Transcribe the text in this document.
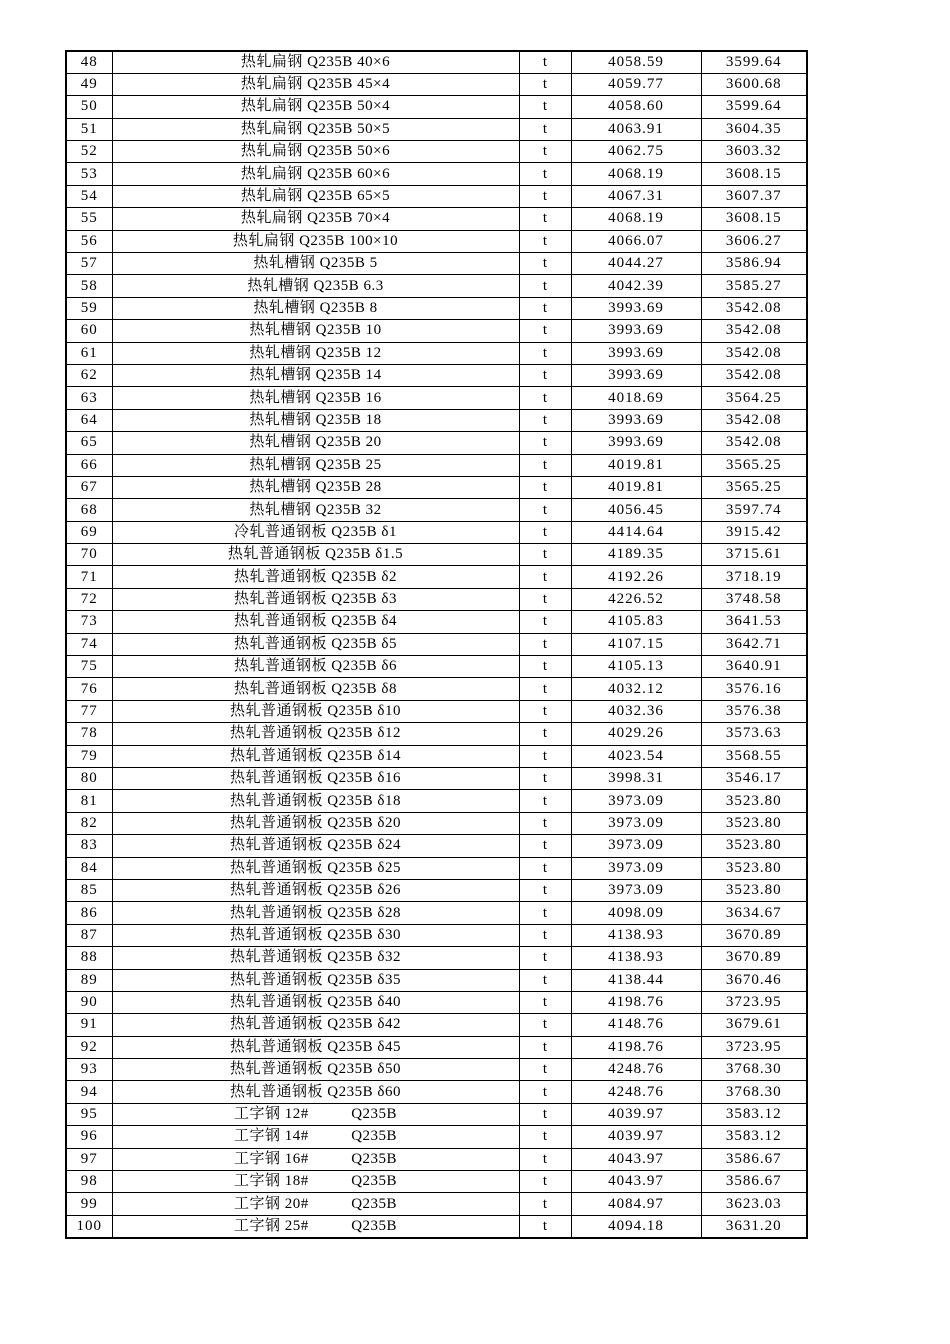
48	热轧扁钢 Q235B 40×6	t	4058.59	3599.64
49	热轧扁钢 Q235B 45×4	t	4059.77	3600.68
50	热轧扁钢 Q235B 50×4	t	4058.60	3599.64
51	热轧扁钢 Q235B 50×5	t	4063.91	3604.35
52	热轧扁钢 Q235B 50×6	t	4062.75	3603.32
53	热轧扁钢 Q235B 60×6	t	4068.19	3608.15
54	热轧扁钢 Q235B 65×5	t	4067.31	3607.37
55	热轧扁钢 Q235B 70×4	t	4068.19	3608.15
56	热轧扁钢 Q235B 100×10	t	4066.07	3606.27
57	热轧槽钢 Q235B 5	t	4044.27	3586.94
58	热轧槽钢 Q235B 6.3	t	4042.39	3585.27
59	热轧槽钢 Q235B 8	t	3993.69	3542.08
60	热轧槽钢 Q235B 10	t	3993.69	3542.08
61	热轧槽钢 Q235B 12	t	3993.69	3542.08
62	热轧槽钢 Q235B 14	t	3993.69	3542.08
63	热轧槽钢 Q235B 16	t	4018.69	3564.25
64	热轧槽钢 Q235B 18	t	3993.69	3542.08
65	热轧槽钢 Q235B 20	t	3993.69	3542.08
66	热轧槽钢 Q235B 25	t	4019.81	3565.25
67	热轧槽钢 Q235B 28	t	4019.81	3565.25
68	热轧槽钢 Q235B 32	t	4056.45	3597.74
69	冷轧普通钢板 Q235B δ1	t	4414.64	3915.42
70	热轧普通钢板 Q235B δ1.5	t	4189.35	3715.61
71	热轧普通钢板 Q235B δ2	t	4192.26	3718.19
72	热轧普通钢板 Q235B δ3	t	4226.52	3748.58
73	热轧普通钢板 Q235B δ4	t	4105.83	3641.53
74	热轧普通钢板 Q235B δ5	t	4107.15	3642.71
75	热轧普通钢板 Q235B δ6	t	4105.13	3640.91
76	热轧普通钢板 Q235B δ8	t	4032.12	3576.16
77	热轧普通钢板 Q235B δ10	t	4032.36	3576.38
78	热轧普通钢板 Q235B δ12	t	4029.26	3573.63
79	热轧普通钢板 Q235B δ14	t	4023.54	3568.55
80	热轧普通钢板 Q235B δ16	t	3998.31	3546.17
81	热轧普通钢板 Q235B δ18	t	3973.09	3523.80
82	热轧普通钢板 Q235B δ20	t	3973.09	3523.80
83	热轧普通钢板 Q235B δ24	t	3973.09	3523.80
84	热轧普通钢板 Q235B δ25	t	3973.09	3523.80
85	热轧普通钢板 Q235B δ26	t	3973.09	3523.80
86	热轧普通钢板 Q235B δ28	t	4098.09	3634.67
87	热轧普通钢板 Q235B δ30	t	4138.93	3670.89
88	热轧普通钢板 Q235B δ32	t	4138.93	3670.89
89	热轧普通钢板 Q235B δ35	t	4138.44	3670.46
90	热轧普通钢板 Q235B δ40	t	4198.76	3723.95
91	热轧普通钢板 Q235B δ42	t	4148.76	3679.61
92	热轧普通钢板 Q235B δ45	t	4198.76	3723.95
93	热轧普通钢板 Q235B δ50	t	4248.76	3768.30
94	热轧普通钢板 Q235B δ60	t	4248.76	3768.30
95	工字钢 12#          Q235B	t	4039.97	3583.12
96	工字钢 14#          Q235B	t	4039.97	3583.12
97	工字钢 16#          Q235B	t	4043.97	3586.67
98	工字钢 18#          Q235B	t	4043.97	3586.67
99	工字钢 20#          Q235B	t	4084.97	3623.03
100	工字钢 25#          Q235B	t	4094.18	3631.20
